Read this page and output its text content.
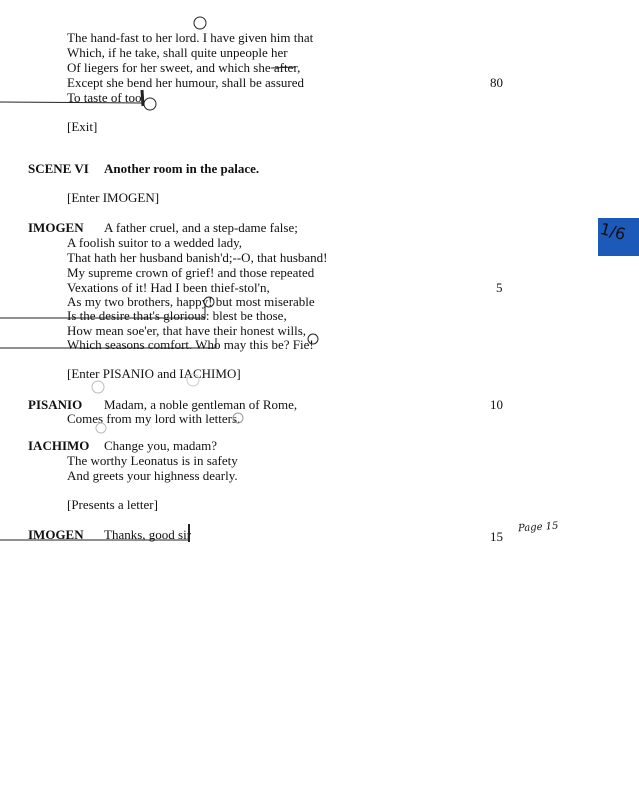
The hand-fast to her lord. I have given him that
Which, if he take, shall quite unpeople her
Of liegers for her sweet, and which she after,
Except she bend her humour, shall be assured	80
To taste of too
[Exit]
SCENE VI Another room in the palace.
[Enter IMOGEN]
IMOGEN A father cruel, and a step-dame false;
A foolish suitor to a wedded lady,
That hath her husband banish'd;--O, that husband!
My supreme crown of grief! and those repeated
Vexations of it! Had I been thief-stol'n,	5
As my two brothers, happy! but most miserable
Is the desire that's glorious: blest be those,
How mean soe'er, that have their honest wills,
Which seasons comfort. Who may this be? Fie!
[Enter PISANIO and IACHIMO]
PISANIO Madam, a noble gentleman of Rome,	10
Comes from my lord with letters.
IACHIMO Change you, madam?
The worthy Leonatus is in safety
And greets your highness dearly.
[Presents a letter]
IMOGEN Thanks, good sir	15
Page 15
1/6
